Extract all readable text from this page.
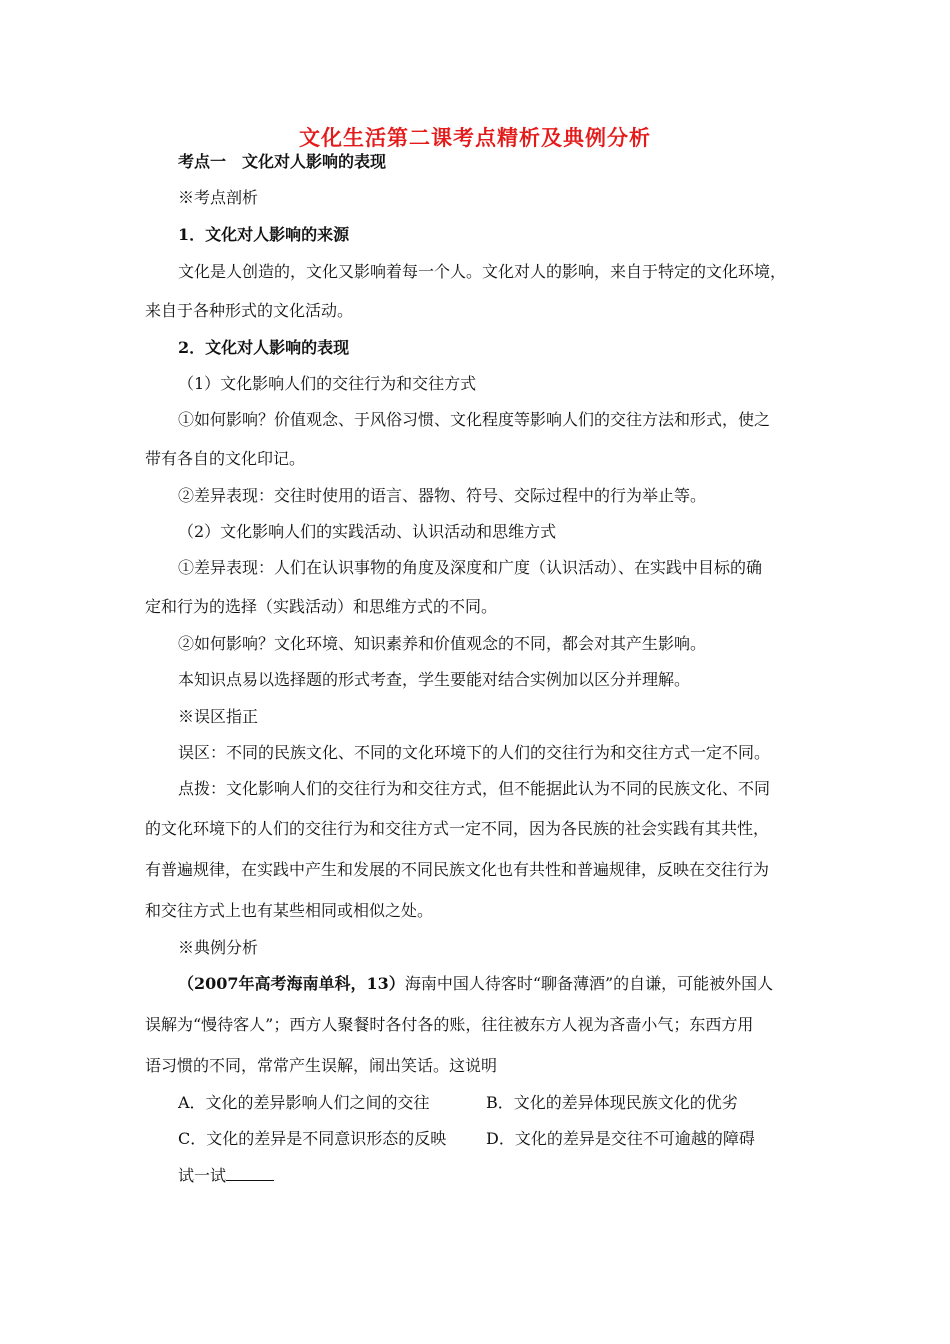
文化生活第二课考点精析及典例分析
考点一　文化对人影响的表现
※考点剖析
1．文化对人影响的来源
文化是人创造的，文化又影响着每一个人。文化对人的影响，来自于特定的文化环境，
来自于各种形式的文化活动。
2．文化对人影响的表现
（1）文化影响人们的交往行为和交往方式
①如何影响？价值观念、于风俗习惯、文化程度等影响人们的交往方法和形式，使之
带有各自的文化印记。
②差异表现：交往时使用的语言、器物、符号、交际过程中的行为举止等。
（2）文化影响人们的实践活动、认识活动和思维方式
①差异表现：人们在认识事物的角度及深度和广度（认识活动）、在实践中目标的确
定和行为的选择（实践活动）和思维方式的不同。
②如何影响？文化环境、知识素养和价值观念的不同，都会对其产生影响。
本知识点易以选择题的形式考查，学生要能对结合实例加以区分并理解。
※误区指正
误区：不同的民族文化、不同的文化环境下的人们的交往行为和交往方式一定不同。
点拨：文化影响人们的交往行为和交往方式，但不能据此认为不同的民族文化、不同
的文化环境下的人们的交往行为和交往方式一定不同，因为各民族的社会实践有其共性，
有普遍规律，在实践中产生和发展的不同民族文化也有共性和普遍规律，反映在交往行为
和交往方式上也有某些相同或相似之处。
※典例分析
（2007年高考海南单科，13）海南中国人待客时“聊备薄酒”的自谦，可能被外国人
误解为“慢待客人”；西方人聚餐时各付各的账，往往被东方人视为吝啬小气；东西方用
语习惯的不同，常常产生误解，闹出笑话。这说明
A．文化的差异影响人们之间的交往	B．文化的差异体现民族文化的优劣
C．文化的差异是不同意识形态的反映 D．文化的差异是交往不可逾越的障碍
试一试
